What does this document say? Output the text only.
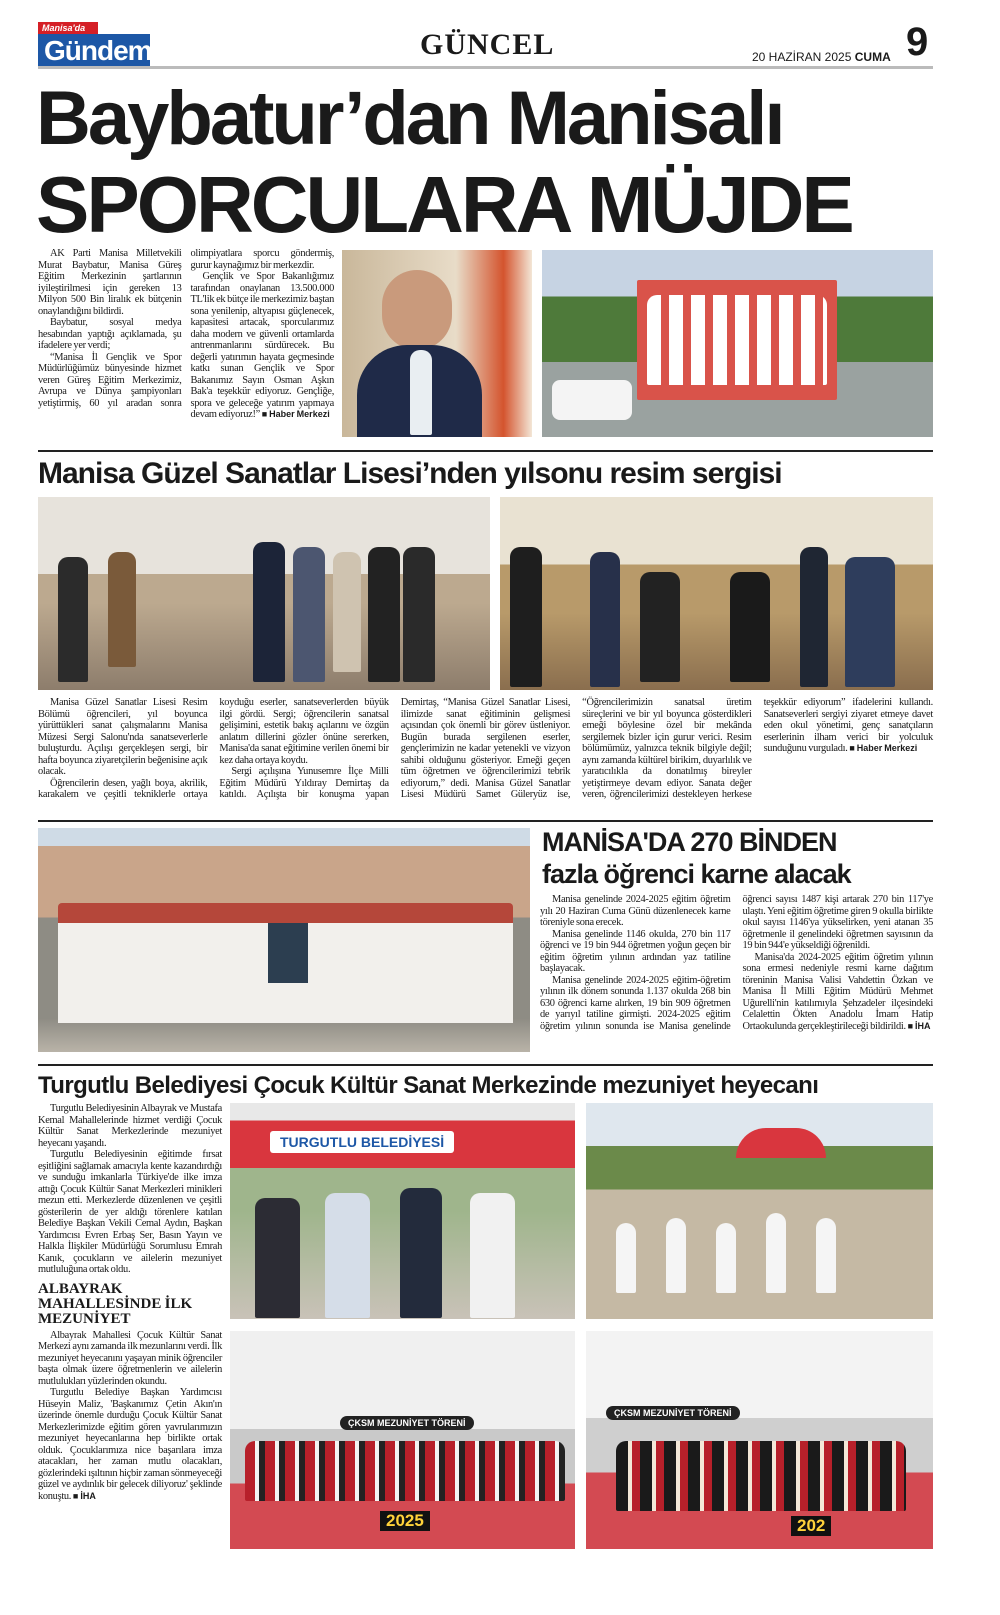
Manisa'da
Gündem	GÜNCEL	20 HAZİRAN 2025 CUMA 9
Baybatur’dan Manisalı
SPORCULARA MÜJDE

AK Parti Manisa Milletvekili Murat Baybatur, Manisa Güreş Eğitim Merkezinin şartlarının iyileştirilmesi için gereken 13 Milyon 500 Bin liralık ek bütçenin onaylandığını bildirdi.

Baybatur, sosyal medya hesabından yaptığı açıklamada, şu ifadelere yer verdi;

“Manisa İl Gençlik ve Spor Müdürlüğümüz bünyesinde hizmet veren Güreş Eğitim Merkezimiz, Avrupa ve Dünya şampiyonları yetiştirmiş, 60 yıl aradan sonra olimpiyatlara sporcu göndermiş, gurur kaynağımız bir merkezdir.

Gençlik ve Spor Bakanlığımız tarafından onaylanan 13.500.000 TL'lik ek bütçe ile merkezimiz baştan sona yenilenip, altyapısı güçlenecek, kapasitesi artacak, sporcularımız daha modern ve güvenli ortamlarda antrenmanlarını sürdürecek. Bu değerli yatırımın hayata geçmesinde katkı sunan Gençlik ve Spor Bakanımız Sayın Osman Aşkın Bak'a teşekkür ediyoruz. Gençliğe, spora ve geleceğe yatırım yapmaya devam ediyoruz!” ■ Haber Merkezi

Manisa Güzel Sanatlar Lisesi’nden yılsonu resim sergisi

Manisa Güzel Sanatlar Lisesi Resim Bölümü öğrencileri, yıl boyunca yürüttükleri sanat çalışmalarını Manisa Müzesi Sergi Salonu'nda sanatseverlerle buluşturdu. Açılışı gerçekleşen sergi, bir hafta boyunca ziyaretçilerin beğenisine açık olacak.

Öğrencilerin desen, yağlı boya, akrilik, karakalem ve çeşitli tekniklerle ortaya koyduğu eserler, sanatseverlerden büyük ilgi gördü. Sergi; öğrencilerin sanatsal gelişimini, estetik bakış açılarını ve özgün anlatım dillerini gözler önüne sererken, Manisa'da sanat eğitimine verilen önemi bir kez daha ortaya koydu.

Sergi açılışına Yunusemre İlçe Milli Eğitim Müdürü Yıldıray Demirtaş da katıldı. Açılışta bir konuşma yapan Demirtaş, “Manisa Güzel Sanatlar Lisesi, ilimizde sanat eğitiminin gelişmesi açısından çok önemli bir görev üstleniyor. Bugün burada sergilenen eserler, gençlerimizin ne kadar yetenekli ve vizyon sahibi olduğunu gösteriyor. Emeği geçen tüm öğretmen ve öğrencilerimizi tebrik ediyorum,” dedi. Manisa Güzel Sanatlar Lisesi Müdürü Samet Güleryüz ise, “Öğrencilerimizin sanatsal üretim süreçlerini ve bir yıl boyunca gösterdikleri emeği böylesine özel bir mekânda sergilemek bizler için gurur verici. Resim bölümümüz, yalnızca teknik bilgiyle değil; aynı zamanda kültürel birikim, duyarlılık ve yaratıcılıkla da donatılmış bireyler yetiştirmeye devam ediyor. Sanata değer veren, öğrencilerimizi destekleyen herkese teşekkür ediyorum” ifadelerini kullandı. Sanatseverleri sergiyi ziyaret etmeye davet eden okul yönetimi, genç sanatçıların eserlerinin ilham verici bir yolculuk sunduğunu vurguladı. ■ Haber Merkezi

MANİSA'DA 270 BİNDEN
fazla öğrenci karne alacak

Manisa genelinde 2024-2025 eğitim öğretim yılı 20 Haziran Cuma Günü düzenlenecek karne töreniyle sona erecek.

Manisa genelinde 1146 okulda, 270 bin 117 öğrenci ve 19 bin 944 öğretmen yoğun geçen bir eğitim öğretim yılının ardından yaz tatiline başlayacak.

Manisa genelinde 2024-2025 eğitim-öğretim yılının ilk dönem sonunda 1.137 okulda 268 bin 630 öğrenci karne alırken, 19 bin 909 öğretmen de yarıyıl tatiline girmişti. 2024-2025 eğitim öğretim yılının sonunda ise Manisa genelinde öğrenci sayısı 1487 kişi artarak 270 bin 117'ye ulaştı. Yeni eğitim öğretime giren 9 okulla birlikte okul sayısı 1146'ya yükselirken, yeni atanan 35 öğretmenle il genelindeki öğretmen sayısının da 19 bin 944'e yükseldiği öğrenildi.

Manisa'da 2024-2025 eğitim öğretim yılının sona ermesi nedeniyle resmi karne dağıtım töreninin Manisa Valisi Vahdettin Özkan ve Manisa İl Milli Eğitim Müdürü Mehmet Uğurelli'nin katılımıyla Şehzadeler ilçesindeki Celalettin Ökten Anadolu İmam Hatip Ortaokulunda gerçekleştirileceği bildirildi. ■ İHA

Turgutlu Belediyesi Çocuk Kültür Sanat Merkezinde mezuniyet heyecanı

Turgutlu Belediyesinin Albayrak ve Mustafa Kemal Mahallelerinde hizmet verdiği Çocuk Kültür Sanat Merkezlerinde mezuniyet heyecanı yaşandı.

Turgutlu Belediyesinin eğitimde fırsat eşitliğini sağlamak amacıyla kente kazandırdığı ve sunduğu imkanlarla Türkiye'de ilke imza attığı Çocuk Kültür Sanat Merkezleri minikleri mezun etti. Merkezlerde düzenlenen ve çeşitli gösterilerin de yer aldığı törenlere katılan Belediye Başkan Vekili Cemal Aydın, Başkan Yardımcısı Evren Erbaş Ser, Basın Yayın ve Halkla İlişkiler Müdürlüğü Sorumlusu Emrah Kanık, çocukların ve ailelerin mezuniyet mutluluğuna ortak oldu.

ALBAYRAK MAHALLESİNDE İLK MEZUNİYET

Albayrak Mahallesi Çocuk Kültür Sanat Merkezi aynı zamanda ilk mezunlarını verdi. İlk mezuniyet heyecanını yaşayan minik öğrenciler başta olmak üzere öğretmenlerin ve ailelerin mutlulukları yüzlerinden okundu.

Turgutlu Belediye Başkan Yardımcısı Hüseyin Maliz, 'Başkanımız Çetin Akın'ın üzerinde önemle durduğu Çocuk Kültür Sanat Merkezlerimizde eğitim gören yavrularımızın mezuniyet heyecanlarına hep birlikte ortak olduk. Çocuklarımıza nice başarılara imza atacakları, her zaman mutlu olacakları, gözlerindeki ışıltının hiçbir zaman sönmeyeceği güzel ve aydınlık bir gelecek diliyoruz' şeklinde konuştu. ■ İHA

TURGUTLU BELEDİYESİ
ÇKSM MEZUNİYET TÖRENİ
2025
ÇKSM MEZUNİYET TÖRENİ
202
